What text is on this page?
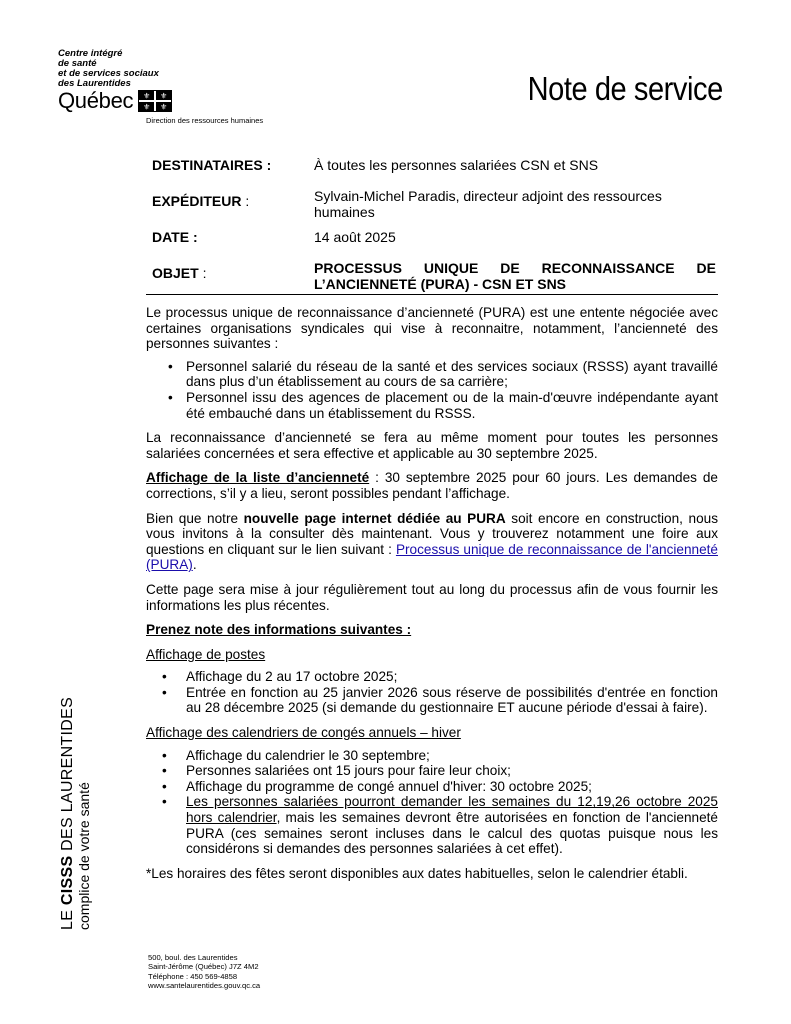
Centre intégré
de santé
et de services sociaux
des Laurentides
Québec
⚜
⚜
⚜
⚜
Direction des ressources humaines
Note de service
DESTINATAIRES :	À toutes les personnes salariées CSN et SNS
EXPÉDITEUR :	Sylvain-Michel Paradis, directeur adjoint des ressources humaines
DATE :	14 août 2025
OBJET :	PROCESSUS UNIQUE DE RECONNAISSANCE DE L’ANCIENNETÉ (PURA) - CSN ET SNS

Le processus unique de reconnaissance d’ancienneté (PURA) est une entente négociée avec certaines organisations syndicales qui vise à reconnaitre, notamment, l’ancienneté des personnes suivantes :

• Personnel salarié du réseau de la santé et des services sociaux (RSSS) ayant travaillé dans plus d’un établissement au cours de sa carrière;
• Personnel issu des agences de placement ou de la main-d'œuvre indépendante ayant été embauché dans un établissement du RSSS.

La reconnaissance d’ancienneté se fera au même moment pour toutes les personnes salariées concernées et sera effective et applicable au 30 septembre 2025.

Affichage de la liste d’ancienneté : 30 septembre 2025 pour 60 jours. Les demandes de corrections, s’il y a lieu, seront possibles pendant l’affichage.

Bien que notre nouvelle page internet dédiée au PURA soit encore en construction, nous vous invitons à la consulter dès maintenant. Vous y trouverez notamment une foire aux questions en cliquant sur le lien suivant : Processus unique de reconnaissance de l'ancienneté (PURA).

Cette page sera mise à jour régulièrement tout au long du processus afin de vous fournir les informations les plus récentes.

Prenez note des informations suivantes :

Affichage de postes

• Affichage du 2 au 17 octobre 2025;
• Entrée en fonction au 25 janvier 2026 sous réserve de possibilités d'entrée en fonction au 28 décembre 2025 (si demande du gestionnaire ET aucune période d'essai à faire).

Affichage des calendriers de congés annuels – hiver

• Affichage du calendrier le 30 septembre;
• Personnes salariées ont 15 jours pour faire leur choix;
• Affichage du programme de congé annuel d'hiver: 30 octobre 2025;
• Les personnes salariées pourront demander les semaines du 12,19,26 octobre 2025 hors calendrier, mais les semaines devront être autorisées en fonction de l'ancienneté PURA (ces semaines seront incluses dans le calcul des quotas puisque nous les considérons si demandes des personnes salariées à cet effet).

*Les horaires des fêtes seront disponibles aux dates habituelles, selon le calendrier établi.

LE CISSS DES LAURENTIDES
complice de votre santé
500, boul. des Laurentides
Saint-Jérôme (Québec) J7Z 4M2
Téléphone : 450 569-4858
www.santelaurentides.gouv.qc.ca
